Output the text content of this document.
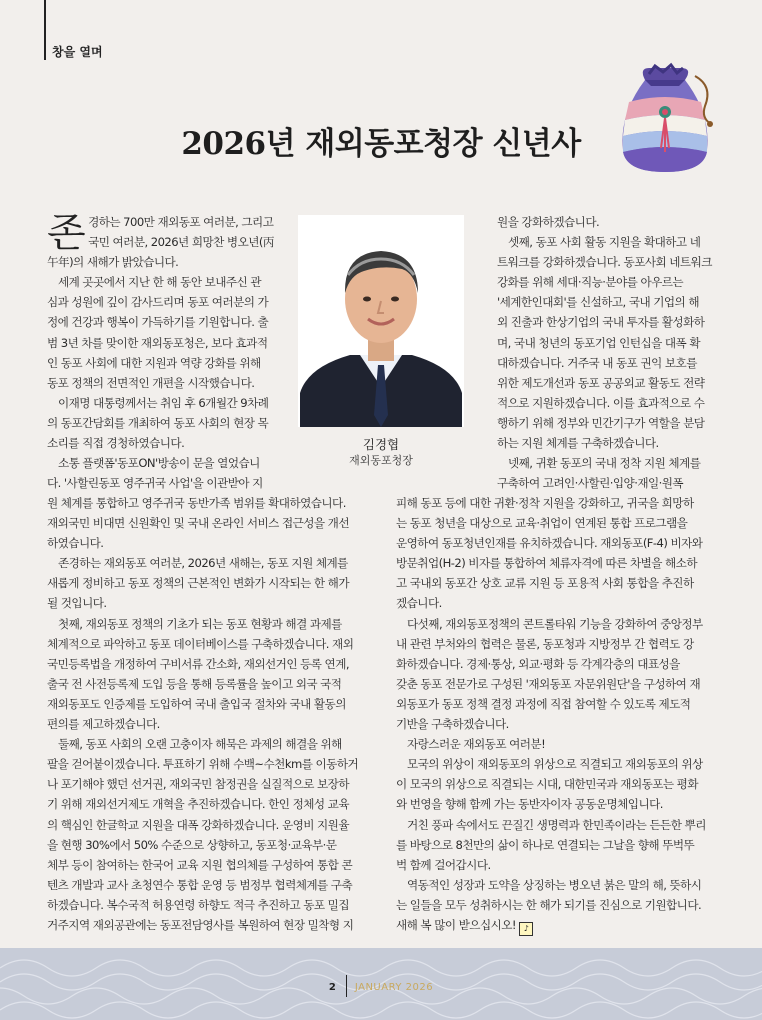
창을 열며
2026년 재외동포청장 신년사
존 경하는 700만 재외동포 여러분, 그리고

국민 여러분, 2026년 희망찬 병오년(丙

午年)의 새해가 밝았습니다.

세계 곳곳에서 지난 한 해 동안 보내주신 관

심과 성원에 깊이 감사드리며 동포 여러분의 가

정에 건강과 행복이 가득하기를 기원합니다. 출

범 3년 차를 맞이한 재외동포청은, 보다 효과적

인 동포 사회에 대한 지원과 역량 강화를 위해

동포 정책의 전면적인 개편을 시작했습니다.

이재명 대통령께서는 취임 후 6개월간 9차례

의 동포간담회를 개최하여 동포 사회의 현장 목

소리를 직접 경청하였습니다.

소통 플랫폼'동포ON'방송이 문을 열었습니

다. '사할린동포 영주귀국 사업'을 이관받아 지

원 체계를 통합하고 영주귀국 동반가족 범위를 확대하였습니다.

재외국민 비대면 신원확인 및 국내 온라인 서비스 접근성을 개선

하였습니다.

존경하는 재외동포 여러분, 2026년 새해는, 동포 지원 체계를

새롭게 정비하고 동포 정책의 근본적인 변화가 시작되는 한 해가

될 것입니다.

첫째, 재외동포 정책의 기초가 되는 동포 현황과 해결 과제를

체계적으로 파악하고 동포 데이터베이스를 구축하겠습니다. 재외

국민등록법을 개정하여 구비서류 간소화, 재외선거인 등록 연계,

출국 전 사전등록제 도입 등을 통해 등록률을 높이고 외국 국적

재외동포도 인증제를 도입하여 국내 출입국 절차와 국내 활동의

편의를 제고하겠습니다.

둘째, 동포 사회의 오랜 고충이자 해묵은 과제의 해결을 위해

팔을 걷어붙이겠습니다. 투표하기 위해 수백~수천km를 이동하거

나 포기해야 했던 선거권, 재외국민 참정권을 실질적으로 보장하

기 위해 재외선거제도 개혁을 추진하겠습니다. 한인 정체성 교육

의 핵심인 한글학교 지원을 대폭 강화하겠습니다. 운영비 지원율

을 현행 30%에서 50% 수준으로 상향하고, 동포청·교육부·문

체부 등이 참여하는 한국어 교육 지원 협의체를 구성하여 통합 콘

텐츠 개발과 교사 초청연수 통합 운영 등 범정부 협력체계를 구축

하겠습니다. 복수국적 허용연령 하향도 적극 추진하고 동포 밀집

거주지역 재외공관에는 동포전담영사를 복원하여 현장 밀착형 지

김경협
재외동포청장

원을 강화하겠습니다.

셋째, 동포 사회 활동 지원을 확대하고 네

트워크를 강화하겠습니다. 동포사회 네트워크

강화를 위해 세대·직능·분야를 아우르는

'세계한인대회'를 신설하고, 국내 기업의 해

외 진출과 한상기업의 국내 투자를 활성화하

며, 국내 청년의 동포기업 인턴십을 대폭 확

대하겠습니다. 거주국 내 동포 권익 보호를

위한 제도개선과 동포 공공외교 활동도 전략

적으로 지원하겠습니다. 이를 효과적으로 수

행하기 위해 정부와 민간기구가 역할을 분담

하는 지원 체계를 구축하겠습니다.

넷째, 귀환 동포의 국내 정착 지원 체계를

구축하여 고려인·사할린·입양·재일·원폭

피해 동포 등에 대한 귀환·정착 지원을 강화하고, 귀국을 희망하

는 동포 청년을 대상으로 교육·취업이 연계된 통합 프로그램을

운영하여 동포청년인재를 유치하겠습니다. 재외동포(F-4) 비자와

방문취업(H-2) 비자를 통합하여 체류자격에 따른 차별을 해소하

고 국내외 동포간 상호 교류 지원 등 포용적 사회 통합을 추진하

겠습니다.

다섯째, 재외동포정책의 콘트롤타워 기능을 강화하여 중앙정부

내 관련 부처와의 협력은 물론, 동포청과 지방정부 간 협력도 강

화하겠습니다. 경제·통상, 외교·평화 등 각계각층의 대표성을

갖춘 동포 전문가로 구성된 '재외동포 자문위원단'을 구성하여 재

외동포가 동포 정책 결정 과정에 직접 참여할 수 있도록 제도적

기반을 구축하겠습니다.

자랑스러운 재외동포 여러분!

모국의 위상이 재외동포의 위상으로 직결되고 재외동포의 위상

이 모국의 위상으로 직결되는 시대, 대한민국과 재외동포는 평화

와 번영을 향해 함께 가는 동반자이자 공동운명체입니다.

거친 풍파 속에서도 끈질긴 생명력과 한민족이라는 든든한 뿌리

를 바탕으로 8천만의 삶이 하나로 연결되는 그날을 향해 뚜벅뚜

벅 함께 걸어갑시다.

역동적인 성장과 도약을 상징하는 병오년 붉은 말의 해, 뜻하시

는 일들을 모두 성취하시는 한 해가 되기를 진심으로 기원합니다.

새해 복 많이 받으십시오! ♪

2 JANUARY 2026
